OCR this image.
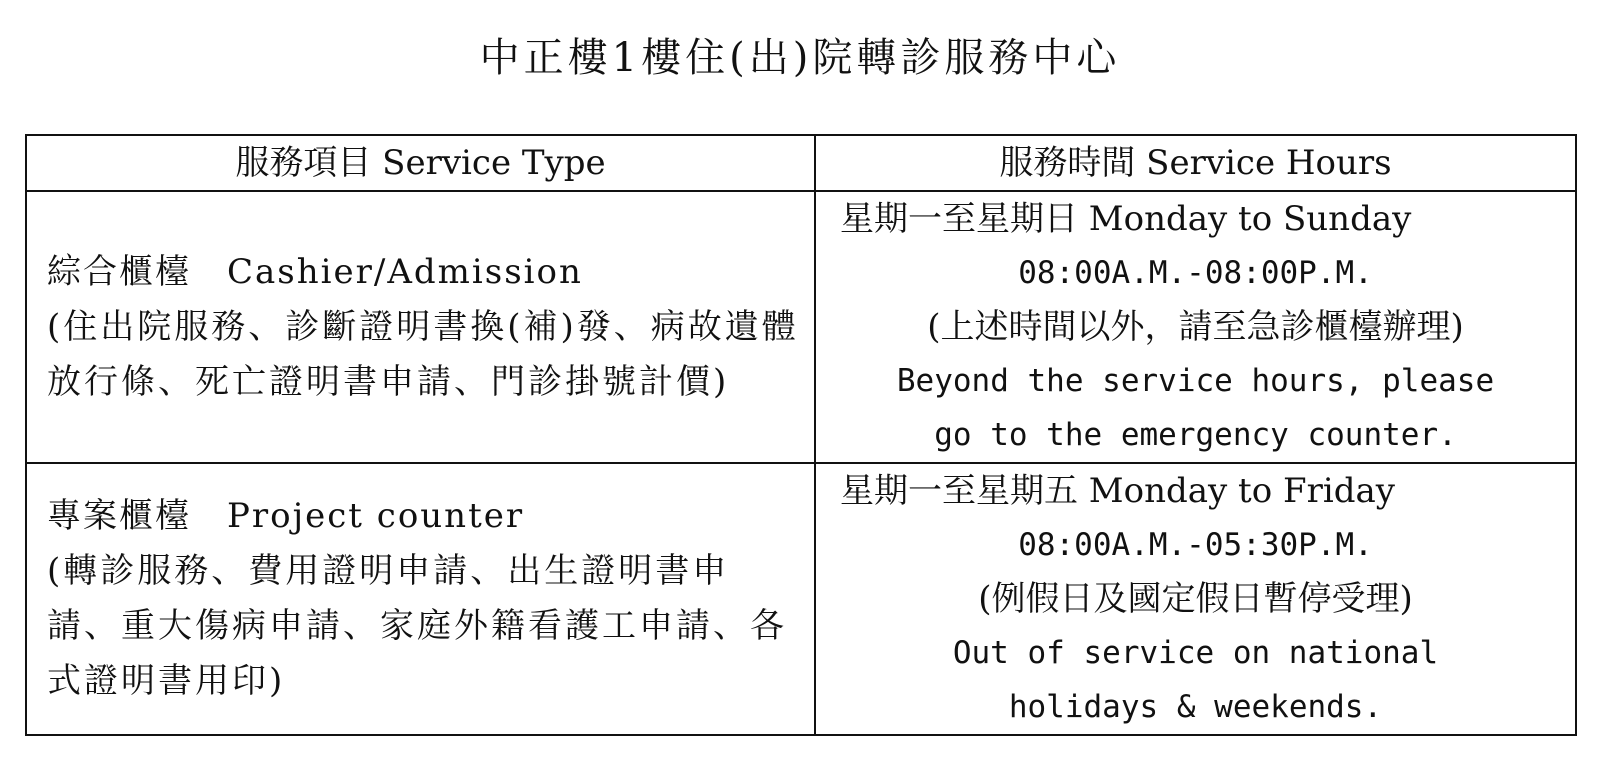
中正樓1樓住(出)院轉診服務中心
服務項目 Service Type	服務時間 Service Hours

綜合櫃檯　Cashier/Admission
(住出院服務、診斷證明書換(補)發、病故遺體放行條、死亡證明書申請、門診掛號計價)	星期一至星期日 Monday to Sunday
08:00A.M.-08:00P.M.
(上述時間以外，請至急診櫃檯辦理)
Beyond the service hours, please
go to the emergency counter.

專案櫃檯　Project counter
(轉診服務、費用證明申請、出生證明書申請、重大傷病申請、家庭外籍看護工申請、各式證明書用印)	星期一至星期五 Monday to Friday
08:00A.M.-05:30P.M.
(例假日及國定假日暫停受理)
Out of service on national
holidays & weekends.
